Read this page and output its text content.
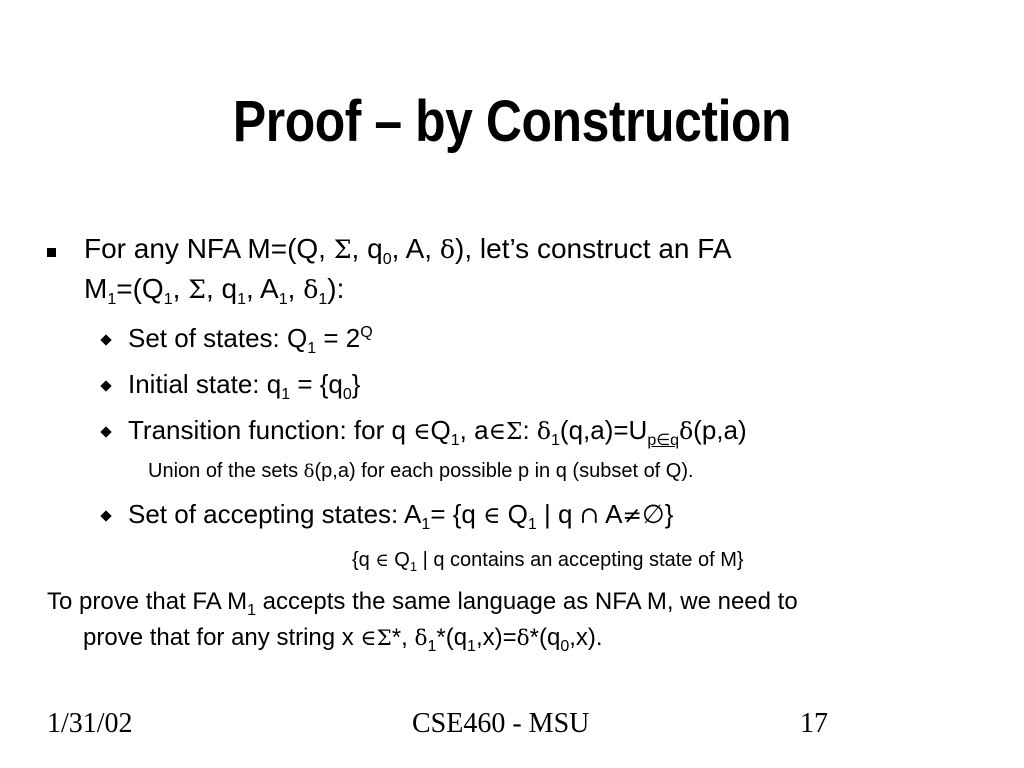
Proof – by Construction
For any NFA M=(Q, Σ, $q_0$, A, δ), let’s construct an FA
$M_1=(Q_1$, Σ, $q_1$, $A_1$, $\delta_1$):
Set of states: $Q_1 = 2^Q$
Initial state: $q_1 = \{q_0\}$
Transition function: for q $\in Q_1$, a∈Σ: $\delta_1(q,a)=U_{p\in q}\delta(p,a)$
Union of the sets δ(p,a) for each possible p in q (subset of Q).
Set of accepting states: $A_1= \{q$ ∈ $Q_1$ | q ∩ A≠∅}
{q ∈ $Q_1$ | q contains an accepting state of M}
To prove that FA $M_1$ accepts the same language as NFA M, we need to
prove that for any string x ∈Σ*, $\delta_1*(q_1,x)=\delta*(q_0,x)$.
1/31/02	CSE460 - MSU	17
